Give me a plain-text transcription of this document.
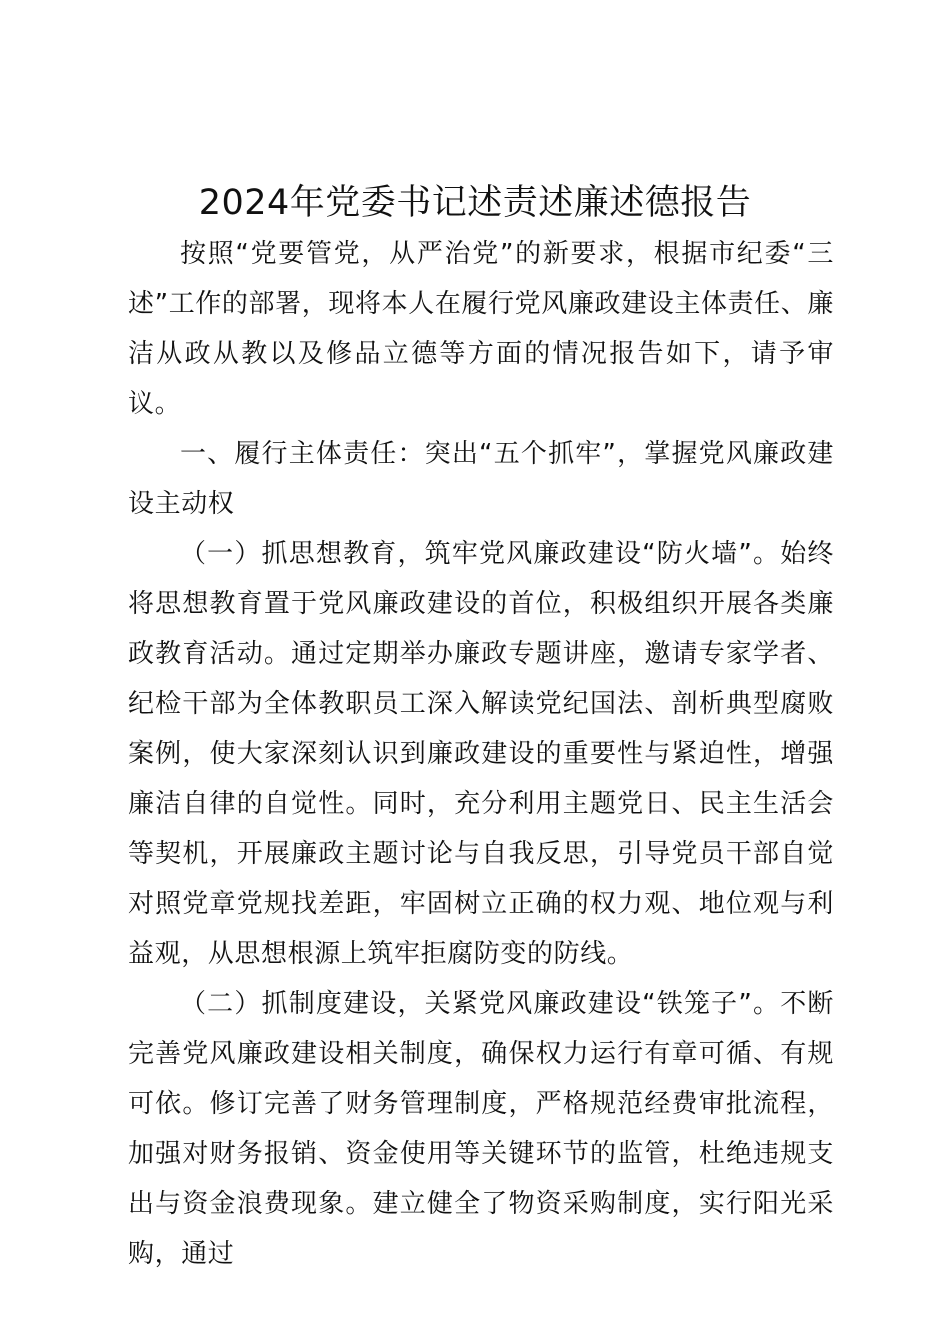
2024年党委书记述责述廉述德报告

按照“党要管党，从严治党”的新要求，根据市纪委“三述”工作的部署，现将本人在履行党风廉政建设主体责任、廉洁从政从教以及修品立德等方面的情况报告如下，请予审议。

一、履行主体责任：突出“五个抓牢”，掌握党风廉政建设主动权

（一）抓思想教育，筑牢党风廉政建设“防火墙”。始终将思想教育置于党风廉政建设的首位，积极组织开展各类廉政教育活动。通过定期举办廉政专题讲座，邀请专家学者、纪检干部为全体教职员工深入解读党纪国法、剖析典型腐败案例，使大家深刻认识到廉政建设的重要性与紧迫性，增强廉洁自律的自觉性。同时，充分利用主题党日、民主生活会等契机，开展廉政主题讨论与自我反思，引导党员干部自觉对照党章党规找差距，牢固树立正确的权力观、地位观与利益观，从思想根源上筑牢拒腐防变的防线。

（二）抓制度建设，关紧党风廉政建设“铁笼子”。不断完善党风廉政建设相关制度，确保权力运行有章可循、有规可依。修订完善了财务管理制度，严格规范经费审批流程，加强对财务报销、资金使用等关键环节的监管，杜绝违规支出与资金浪费现象。建立健全了物资采购制度，实行阳光采购，通过
